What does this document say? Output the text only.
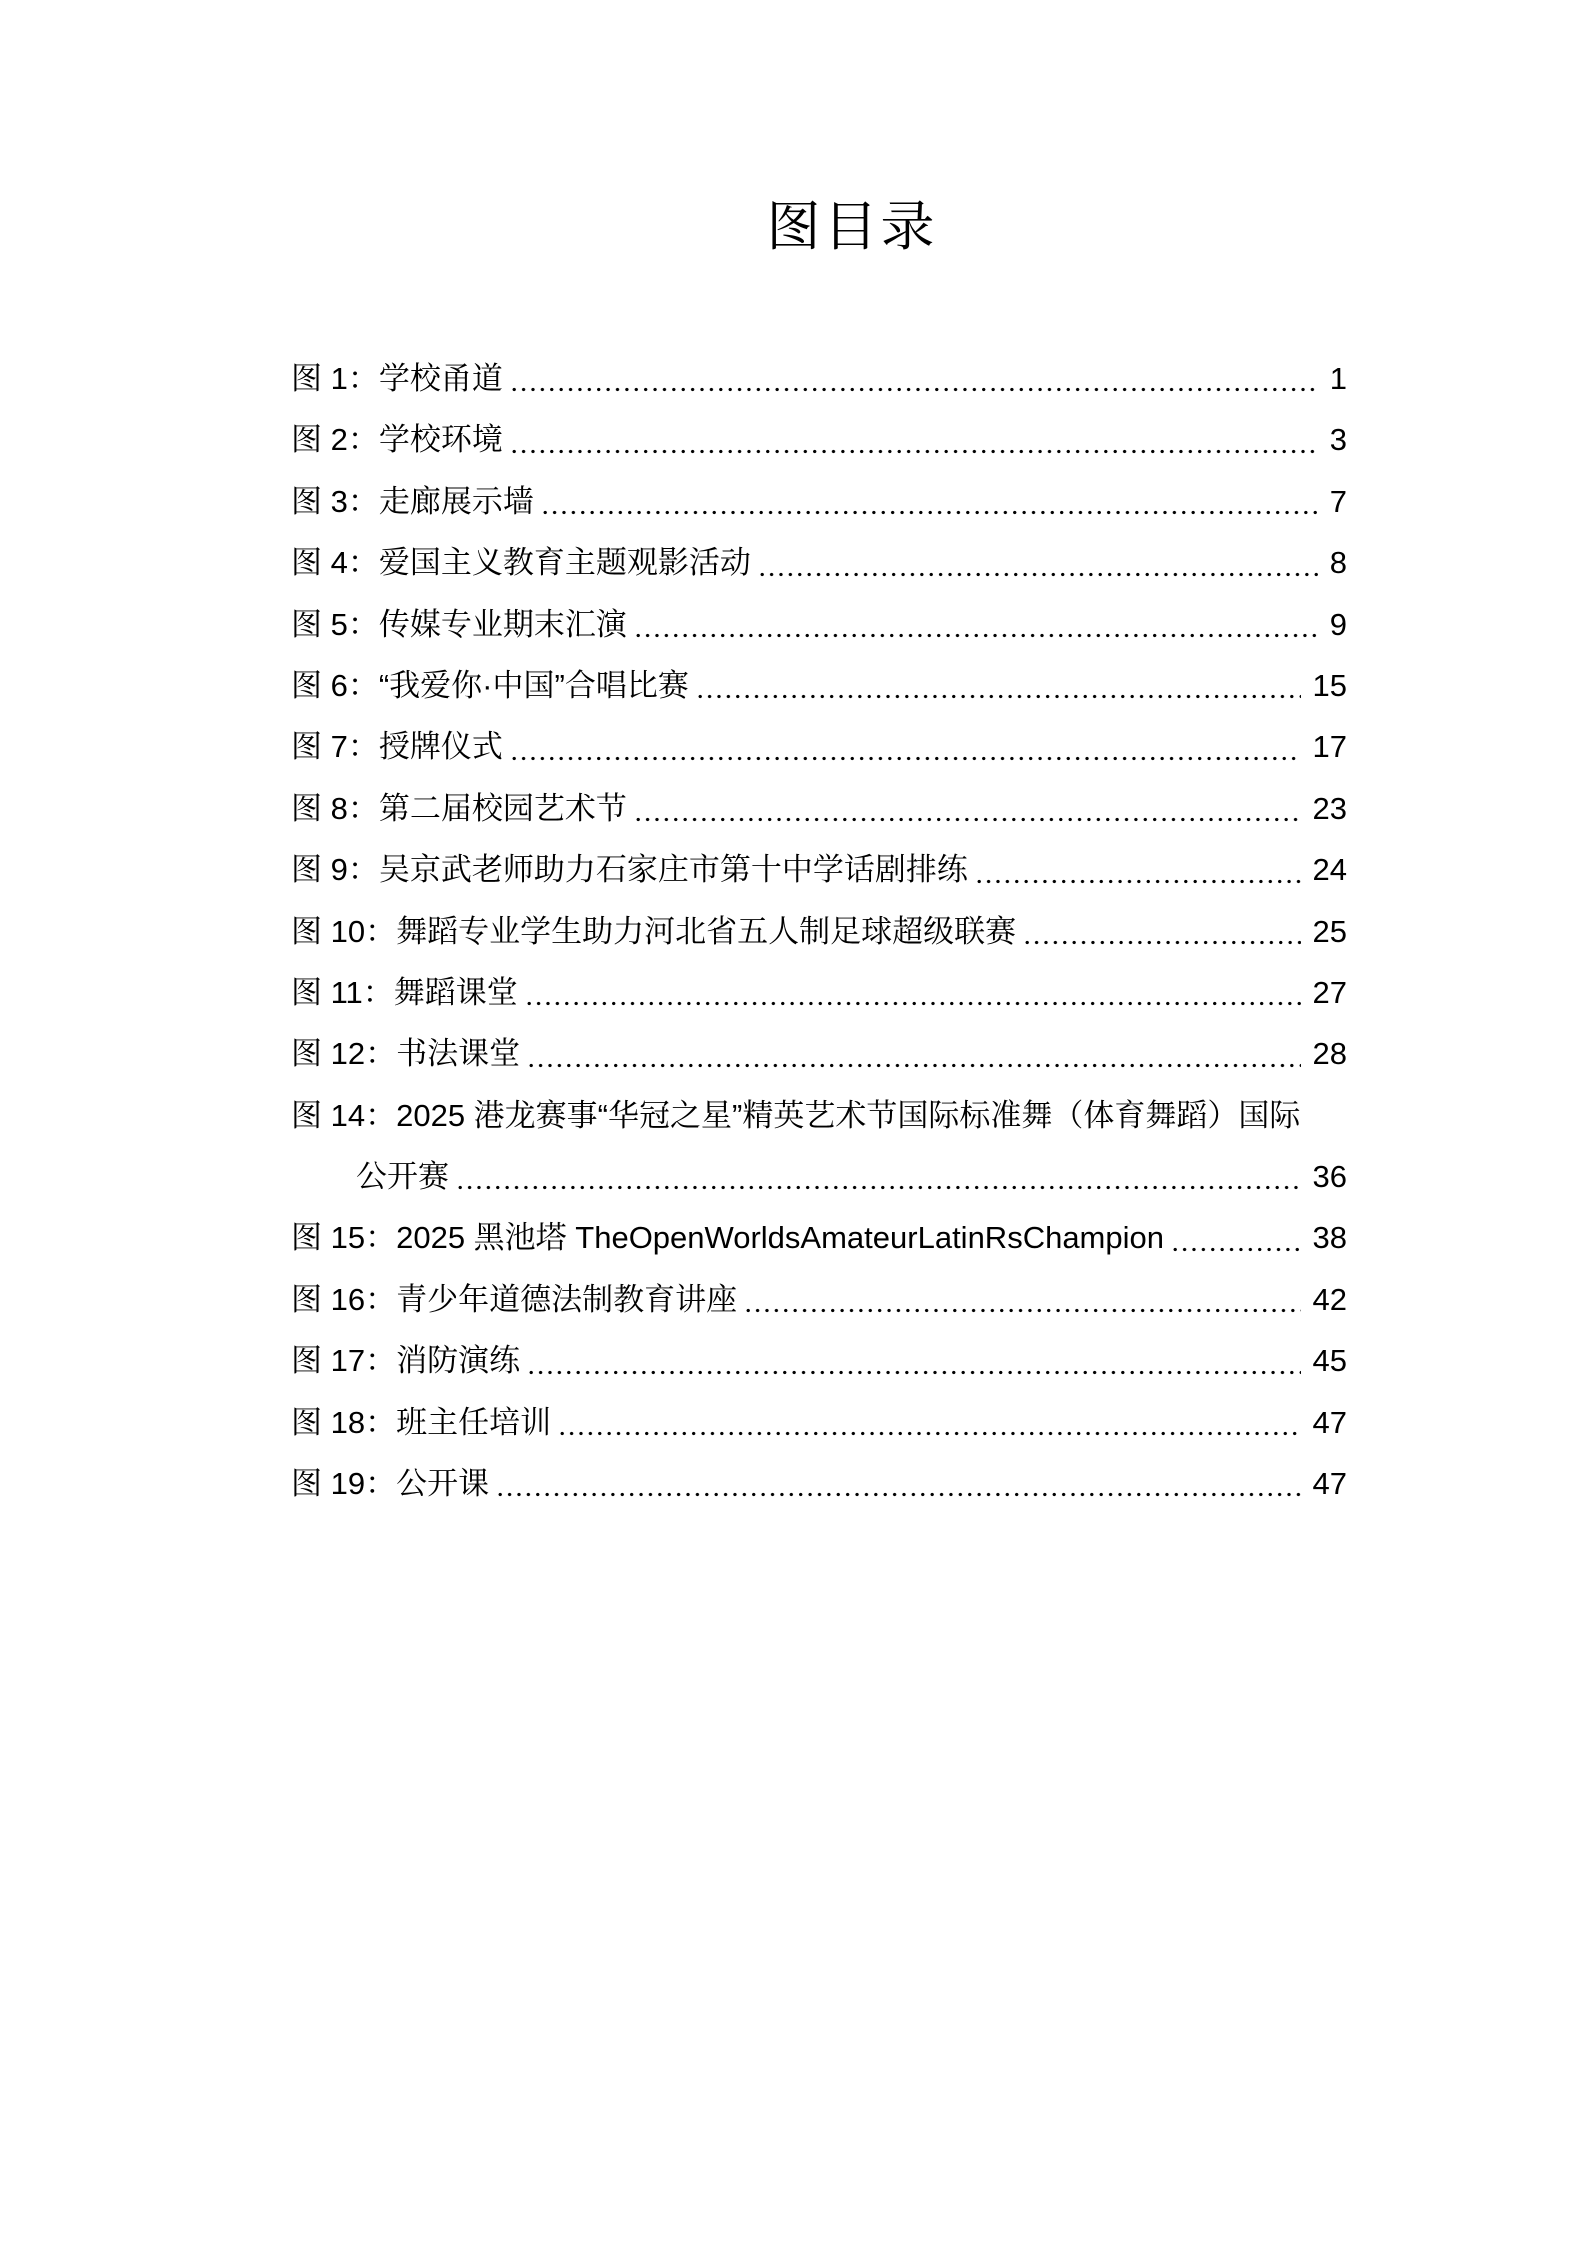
图目录
图 1：学校甬道	1
图 2：学校环境	3
图 3：走廊展示墙	7
图 4：爱国主义教育主题观影活动	8
图 5：传媒专业期末汇演	9
图 6：“我爱你·中国”合唱比赛	15
图 7：授牌仪式	17
图 8：第二届校园艺术节	23
图 9：吴京武老师助力石家庄市第十中学话剧排练	24
图 10：舞蹈专业学生助力河北省五人制足球超级联赛	25
图 11：舞蹈课堂	27
图 12：书法课堂	28
图 14：2025 港龙赛事“华冠之星”精英艺术节国际标准舞（体育舞蹈）国际
公开赛	36
图 15：2025 黑池塔 TheOpenWorldsAmateurLatinRsChampion	38
图 16：青少年道德法制教育讲座	42
图 17：消防演练	45
图 18：班主任培训	47
图 19：公开课	47
